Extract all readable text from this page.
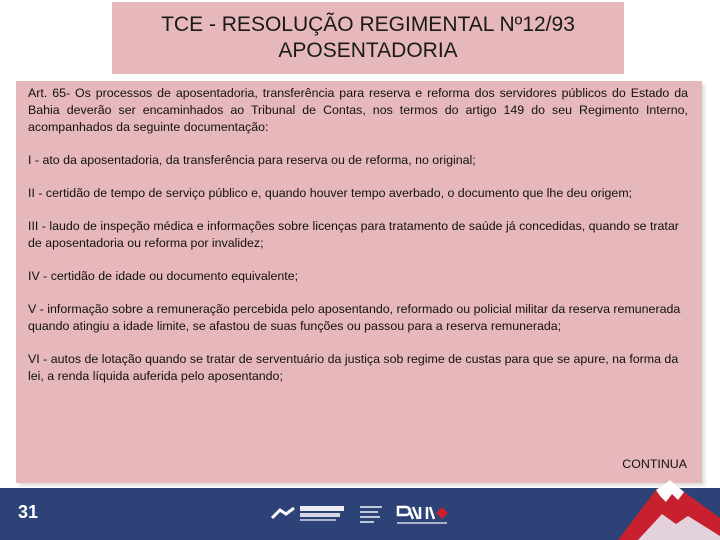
TCE - RESOLUÇÃO REGIMENTAL Nº12/93
APOSENTADORIA

Art. 65- Os processos de aposentadoria, transferência para reserva e reforma dos servidores públicos do Estado da Bahia deverão ser encaminhados ao Tribunal de Contas, nos termos do artigo 149 do seu Regimento Interno, acompanhados da seguinte documentação:

I - ato da aposentadoria, da transferência para reserva ou de reforma, no original;

II - certidão de tempo de serviço público e, quando houver tempo averbado, o documento que lhe deu origem;

III - laudo de inspeção médica e informações sobre licenças para tratamento de saúde já concedidas, quando se tratar de aposentadoria ou reforma por invalidez;

IV - certidão de idade ou documento equivalente;

V - informação sobre a remuneração percebida pelo aposentando, reformado ou policial militar da reserva remunerada quando atingiu a idade limite, se afastou de suas funções ou passou para a reserva remunerada;

VI - autos de lotação quando se tratar de serventuário da justiça sob regime de custas para que se apure, na forma da lei, a renda líquida auferida pelo aposentando;

CONTINUA
31
